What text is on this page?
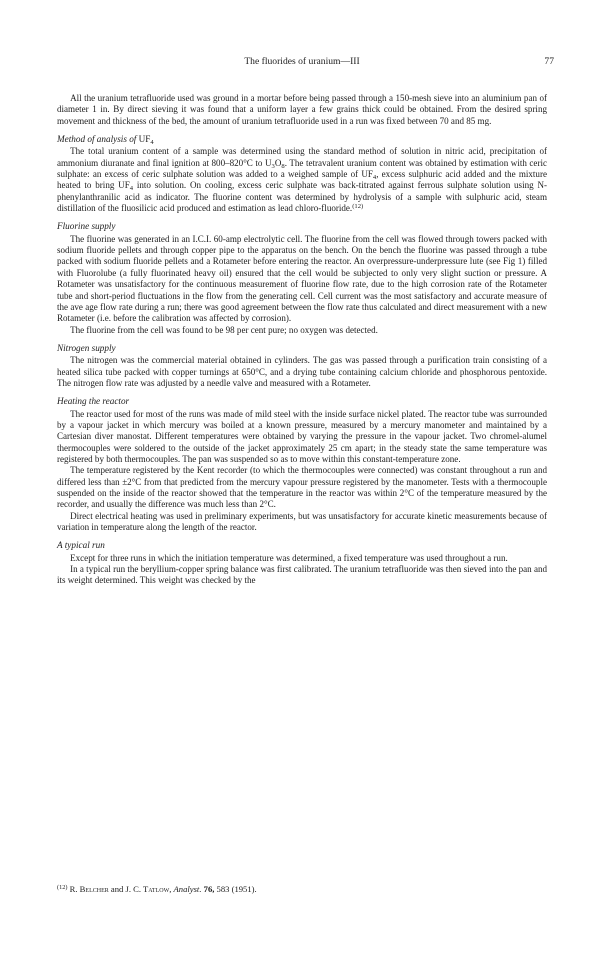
The fluorides of uranium—III	77

All the uranium tetrafluoride used was ground in a mortar before being passed through a 150-mesh sieve into an aluminium pan of diameter 1 in. By direct sieving it was found that a uniform layer a few grains thick could be obtained. From the desired spring movement and thickness of the bed, the amount of uranium tetrafluoride used in a run was fixed between 70 and 85 mg.

Method of analysis of $UF_4$

The total uranium content of a sample was determined using the standard method of solution in nitric acid, precipitation of ammonium diuranate and final ignition at 800–820°C to $U_3O_8$. The tetravalent uranium content was obtained by estimation with ceric sulphate: an excess of ceric sulphate solution was added to a weighed sample of $UF_4$, excess sulphuric acid added and the mixture heated to bring $UF_4$ into solution. On cooling, excess ceric sulphate was back-titrated against ferrous sulphate solution using N-phenylanthranilic acid as indicator. The fluorine content was determined by hydrolysis of a sample with sulphuric acid, steam distillation of the fluosilicic acid produced and estimation as lead chloro-fluoride.$^{(12)}$

Fluorine supply

The fluorine was generated in an I.C.I. 60-amp electrolytic cell. The fluorine from the cell was flowed through towers packed with sodium fluoride pellets and through copper pipe to the apparatus on the bench. On the bench the fluorine was passed through a tube packed with sodium fluoride pellets and a Rotameter before entering the reactor. An overpressure-underpressure lute (see Fig 1) filled with Fluorolube (a fully fluorinated heavy oil) ensured that the cell would be subjected to only very slight suction or pressure. A Rotameter was unsatisfactory for the continuous measurement of fluorine flow rate, due to the high corrosion rate of the Rotameter tube and short-period fluctuations in the flow from the generating cell. Cell current was the most satisfactory and accurate measure of the ave age flow rate during a run; there was good agreement between the flow rate thus calculated and direct measurement with a new Rotameter (i.e. before the calibration was affected by corrosion).

The fluorine from the cell was found to be 98 per cent pure; no oxygen was detected.

Nitrogen supply

The nitrogen was the commercial material obtained in cylinders. The gas was passed through a purification train consisting of a heated silica tube packed with copper turnings at 650°C, and a drying tube containing calcium chloride and phosphorous pentoxide. The nitrogen flow rate was adjusted by a needle valve and measured with a Rotameter.

Heating the reactor

The reactor used for most of the runs was made of mild steel with the inside surface nickel plated. The reactor tube was surrounded by a vapour jacket in which mercury was boiled at a known pressure, measured by a mercury manometer and maintained by a Cartesian diver manostat. Different temperatures were obtained by varying the pressure in the vapour jacket. Two chromel-alumel thermocouples were soldered to the outside of the jacket approximately 25 cm apart; in the steady state the same temperature was registered by both thermocouples. The pan was suspended so as to move within this constant-temperature zone.

The temperature registered by the Kent recorder (to which the thermocouples were connected) was constant throughout a run and differed less than ±2°C from that predicted from the mercury vapour pressure registered by the manometer. Tests with a thermocouple suspended on the inside of the reactor showed that the temperature in the reactor was within 2°C of the temperature measured by the recorder, and usually the difference was much less than 2°C.

Direct electrical heating was used in preliminary experiments, but was unsatisfactory for accurate kinetic measurements because of variation in temperature along the length of the reactor.

A typical run

Except for three runs in which the initiation temperature was determined, a fixed temperature was used throughout a run.

In a typical run the beryllium-copper spring balance was first calibrated. The uranium tetrafluoride was then sieved into the pan and its weight determined. This weight was checked by the

$^{(12)}$ R. Belcher and J. C. Tatlow, Analyst. 76, 583 (1951).
